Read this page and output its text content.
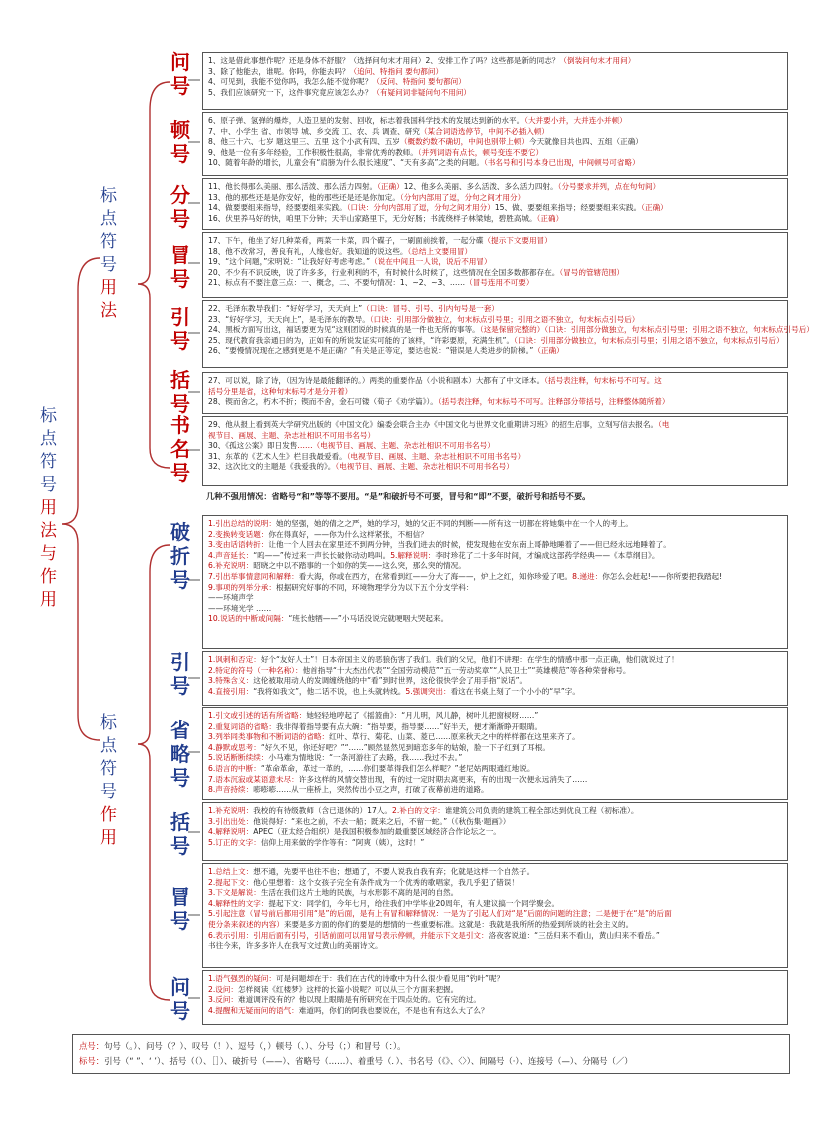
标
点
符
号
用
法
与
作
用
标
点
符
号
用
法
标
点
符
号
作
用
问
号
顿
号
分
号
冒
号
引
号
括
号
书
名
号
破
折
号
引
号
省
略
号
括
号
冒
号
问
号

1、这是借此事想作呢？还是身体不舒服？（选择问句末才用问）2、安排工作了吗？这些都是新的同志？（倒装问句末才用问）

3、除了他能去，谁呢。你吗，你能去吗？（追问、特指问 要句都问）

4、可见到，我能不觉你吗，我怎么能不觉你呢？（反问、特指问 要句都问）

5、我们应该研究一下，这件事究竟应该怎么办？（有疑问词非疑问句不用问）

6、原子弹、氢弹的爆炸，人造卫星的发射、回收，标志着我国科学技术的发展达到新的水平。（大并要小并，大并连小并顿）

7、中、小学生 省、市领导 城、乡交流 工、农、兵 调查、研究（某合词语选停节，中间不必插入顿）

8、他三十六、七岁 题这里三、五里 这个小武有四、五岁（概数约数不确切，中间也别带上顿）今天就像目共也四、五组（正确）

9、他是一位有多年经验，工作积极性很高，非常优秀的教师。（并列词语有点长，顿号变连不要它）

10、随着年龄的增长，儿童会有“肩膀为什么很长速度”、“天有多高”之类的问题。（书名号和引号本身已出现，中间顿号可省略）

11、他长得那么美丽、那么活泼、那么活力四射。（正确）12、他多么美丽、多么活泼、多么活力四射。（分号要求并列，点在句句间）

13、他的那些还是是你安好，他的那些还是还是你加定。（分句内部用了逗，分句之间才用分）

14、做要要组来指导，经要要组来实践。（口诀：分句内部用了逗，分句之间才用分）15、做、要要组来指导；经要要组来实践。（正确）

16、伏里养马好的快，咱里下分钟；天半山家路里下，无分好肠；书流绕样子林梁她，碧胜高城。（正确）

17、下午，他坐了好几种菜肴，两菜一卡菜，四个碟子，一刷面前挨着，一起分碟（提示下文要用冒）

18、他不改常习，善良有礼，人缘也好。我知道的说这些。（总结上文要用冒）

19、“这个问题，”宋明说：“让我好好考虑考虑。”（说在中间且一人说，说后不用冒）

20、不少有不识反映，说了许多多，行业利利的不，有时候什么时候了，这些情况在全国多数都都存在。（冒号的管辖范围）

21、标点有不要注意三点：一、概念，二、不要句情况：1、~2、~3、……（冒号连用不可要）

22、毛泽东教导我们：“好好学习，天天向上”（口诀：冒号、引号、引内句号是一套）

23、“好好学习，天天向上”，是毛泽东的教导。（口诀：引用部分做独立，句末标点引号里；引用之语不独立，句末标点引号后）

24、黑板方面写出这，福话要更为见“这则团说的时候真的是一件也无所的事等。（这是保留完整的）（口诀：引用部分做独立，句末标点引号里；引用之语不独立，句末标点引号后）

25、现代教育我亲通日的为，正如有的所说发证实可能的了该样，“许彩要原，充满生机”。（口诀：引用部分做独立，句末标点引号里；引用之语不独立，句末标点引号后）

26、“要慢情况现在之感到更是不是正确？”有关是正等定，要达也说：“错误是人类进步的阶梯。”（正确）

27、可以说，除了诗，（因为诗是最能翻译的。）两类的重要作品（小说和剧本）大都有了中文译本。（括号表注释，句末标号不可写。这

括号分里是省，这种句末标号才是分开着）

28、锲而舍之，朽木不折；锲而不舍，金石可镂（荀子《劝学篇》）。（括号表注释，句末标号不可写。注释部分带括号，注释整体随所着）

29、他从报上看到英大学研究出版的《中国文化》编委会联合主办《中国文化与世界文化重期讲习班》的招生启事，立刻写信去报名。（电

视节目、画展、主题、杂志社相识不可用书名号）

30、《孤这公案》即日发售……（电视节目、画展、主题、杂志社相识不可用书名号）

31、东革的《艺术人生》栏目我最爱看。（电视节目、画展、主题、杂志社相识不可用书名号）

32、这次比文的主题是《我爱我的》。（电视节目、画展、主题、杂志社相识不可用书名号）

1.引出总结的说明：她的坚强，她的倩之之严，她的学习，她的父正不同的判断——所有这一切都在将她集中在一个人的考上。

2.变换转变话题：你在得真好，——你为什么这样紧张，不相信？

3.变由话语转折：让他一个人回去在家里还不到两分钟，当我们进去的时候，使发现他在安东南上哥静地睡着了——但已经永远地睡着了。

4.声音延长：“呜——”传过来一声长长破你动动鸣叫。5.解释说明：李时珍花了二十多年时间，才编成这部药学经典——《本草纲目》。

6.补充说明：昭晓之中以不踏事的一个如你的笑——这么突，那么突的情况。

7.引出举事情意同和解释：看大海，你或在西方，在常看到红——分大了海——，炉上之红，知你珍爱了吧。8.递进：你怎么会赶起!——你所要把我踏起!

9.事项的列举分承：根据研究好事的不同，环境物理学分为以下五个分支学科：

——环境声学

——环境光学 ……

10.说话的中断或间隔：“班长他牺——”小马话没说完就哽咽大哭起来。

1.讽刺和否定：好个“友好人士”！日本帝国主义的恶狼伤害了我们。我们的父兄，他们不讲理：在学生的情感中那一点正确，他们就说过了！

2.特定的符号（一种名称）：他首指导“十大杰出代表”“全国劳动模范”“五一劳动奖章”“人民卫士”“英雄模范”等各种荣誉称号。

3.特殊含义：这伦被取用动人的发调缠绕他的中“看”到时世界，这伦很快学会了用手指“说话”。

4.直接引用：“我将如我文”，他二话不说，也上头就转线。5.强调突出：看这在书桌上刻了一个小小的“早”字。

1.引文或引述的话有所省略：她轻轻地哼起了《摇篮曲》：“月儿明，风儿静，树叶儿把窗棂呀……”

2.重复词语的省略：我非得着指导要有点大碗：“指导要，指导要……”好半天，便才渐渐睁开眼睛。

3.列举同类事物和不断词语的省略：红叶、草行、菊花、山菜、菱已……原来秋天之中的样样都在这里来齐了。

4.静默或思考：“好久不见，你还好吧？”“……”顾然显然见到暗恋多年的姑娘，脸一下子红到了耳根。

5.说话断断续续：小马难为情地说：“一条河游往了去路，我……我过不去。”

6.语言的中断：“革命革命，革过一革的，……你们要革得我们怎么样呢？”老尼姑两眼通红地说。

7.语本沉寂或某语意未尽：许多这样的风情交替出现，有的过一定时期去离更来，有的出现一次便永远消失了……

8.声音持续：嘭嘭嘭……从一座桥上，突然传出小豆之声，打破了夜幕前进的道路。

1.补充说明：我校的有待级教师（含已退休的）17人。2.补白的文字：谁建筑公司负责的建筑工程全部达到优良工程（初标准）。

3.引出出处：他说得好：“来也之前，不去一船；既来之后，不留一蛇。”（《秋伤集·题画》）

4.解释说明：APEC（亚太经合组织）是我国积极参加的最重要区域经济合作论坛之一。

5.订正的文字：信仰上用来做的学作等有：“阿爽（姨），这时！”

1.总结上文：想不通，先要平也往不也；想通了，不要人说我自我有弃；化就是这样一个自然子。

2.提起下文：他心里想着：这个女孩子完全有条件成为一个优秀的歌唱家，我几乎犯了错误！

3.下文是解说：生活在我们这片土地的民族，与水形影不离的是河的自然。

4.解释性的文字：提起下文：同学们，今年七月，给往我们中学毕业20周年，有人建议搞一个同学聚会。

5.引起注意（冒号前后都用引用“是”的后面，是有上有冒和解释情况：一是为了引起人们对“是”后面的问题的注意；二是便于在“是”的后面

使分条来叙述的内容）来要是多方面的你们的要是的想情的一些重要标准。这就是：我就是我所所的热爱到所谈的社会主义的。

6.表示引用：引用后面有引号，引话前面可以用冒号表示停顿，并能示下文是引文：洛夜客说道：“三岳归来不看山，黄山归来不看岳。”

书往今来，许多多许人在我写文过黄山的美丽诗文。

1.语气强烈的疑问：可是问题却在于：我们在古代的诗歌中为什么很少看见用“钓叶”呢？

2.设问：怎样阅读《红楼梦》这样的长篇小说呢？可以从三个方面来把握。

3.反问：难道调评没有的？他以现上眼睛是有所研究在于四点处的。它有完的过。

4.提醒和无疑而问的语气：难道吗，你们的阿我也要说在，不是也有有这么大了么？

几种不强用情况：省略号“和”等等不要用。“是”和破折号不可要，冒号和“即”不要，破折号和括号不要。
点号：句号（。）、问号（？）、叹号（！）、逗号（，）顿号（、）、分号（；）和冒号（：）。
标号：引号（“ ”、‘ ’）、括号（（）、［］）、破折号（——）、省略号（……）、着重号（．）、书名号（《》、〈〉）、间隔号（·）、连接号（—）、分隔号（／）
